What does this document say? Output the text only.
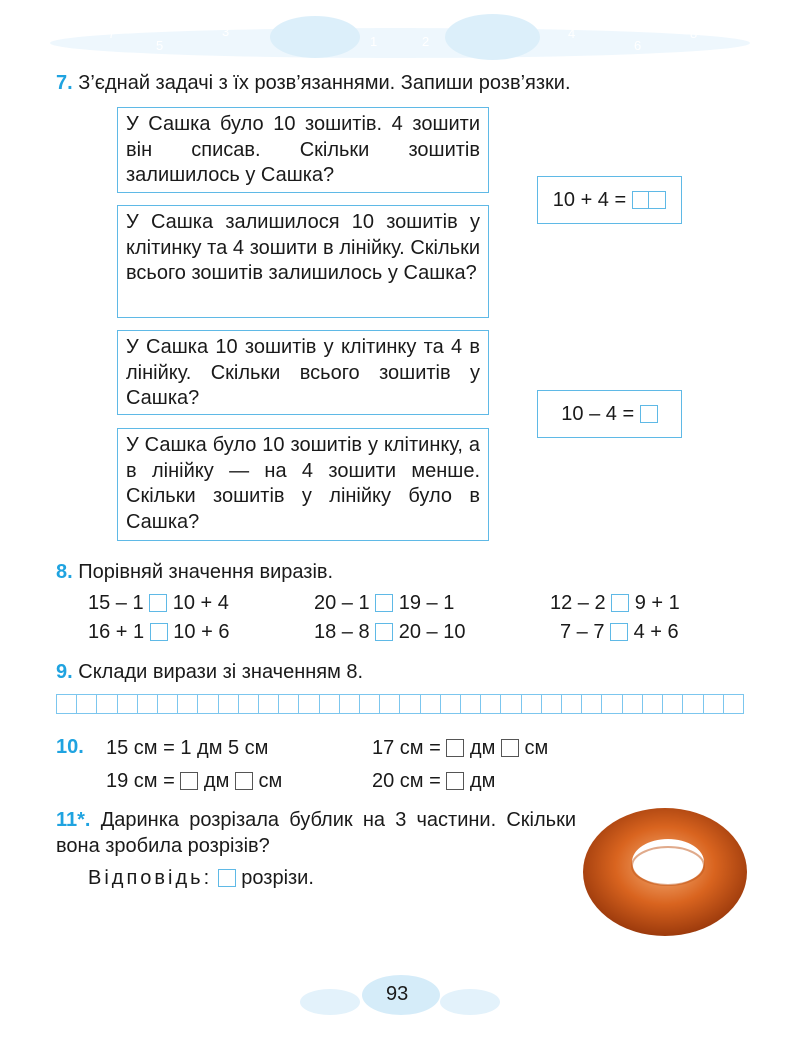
7
5
3
0
1	2
4
6
8
7. З’єднай задачі з їх розв’язаннями. Запиши розв’язки.
У Сашка було 10 зошитів. 4 зошити він списав. Скільки зошитів залишилось у Сашка?
У Сашка залишилося 10 зошитів у клітинку та 4 зошити в лінійку. Скільки всього зошитів залишилось у Сашка?
У Сашка 10 зошитів у клітинку та 4 в лінійку. Скільки всього зошитів у Сашка?
У Сашка було 10 зошитів у клітинку, а в лінійку — на 4 зошити менше. Скільки зошитів у лінійку було в Сашка?
10 + 4 =

10 – 4 =

8. Порівняй значення виразів.
15 – 1 10 + 4	20 – 1 19 – 1	12 – 2 9 + 1
16 + 1 10 + 6	18 – 8 20 – 10	7 – 7 4 + 6
9. Склади вирази зі значенням 8.
10. 15 см = 1 дм 5 см	17 см = дм см
19 см = дм см	20 см = дм
11*. Даринка розрізала бублик на 3 частини. Скільки вона зробила розрізів?
Відповідь: розрізи.
93
